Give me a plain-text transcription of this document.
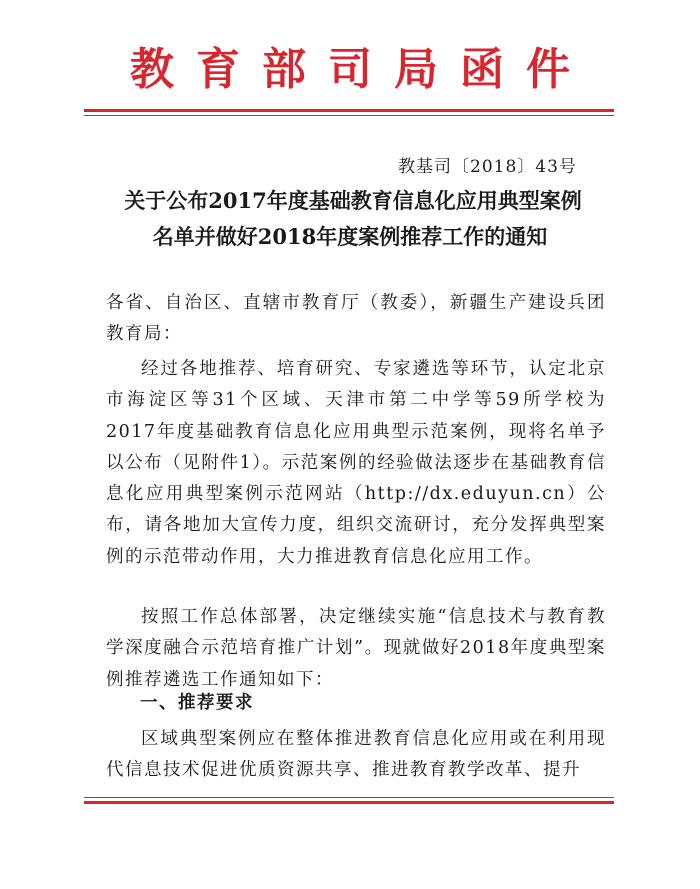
教育部司局函件
教基司〔2018〕43号
关于公布2017年度基础教育信息化应用典型案例
名单并做好2018年度案例推荐工作的通知

各省、自治区、直辖市教育厅（教委），新疆生产建设兵团教育局：

经过各地推荐、培育研究、专家遴选等环节，认定北京市海淀区等31个区域、天津市第二中学等59所学校为2017年度基础教育信息化应用典型示范案例，现将名单予以公布（见附件1）。示范案例的经验做法逐步在基础教育信息化应用典型案例示范网站（http://dx.eduyun.cn）公布，请各地加大宣传力度，组织交流研讨，充分发挥典型案例的示范带动作用，大力推进教育信息化应用工作。

按照工作总体部署，决定继续实施“信息技术与教育教学深度融合示范培育推广计划”。现就做好2018年度典型案例推荐遴选工作通知如下：

一、推荐要求

区域典型案例应在整体推进教育信息化应用或在利用现代信息技术促进优质资源共享、推进教育教学改革、提升
